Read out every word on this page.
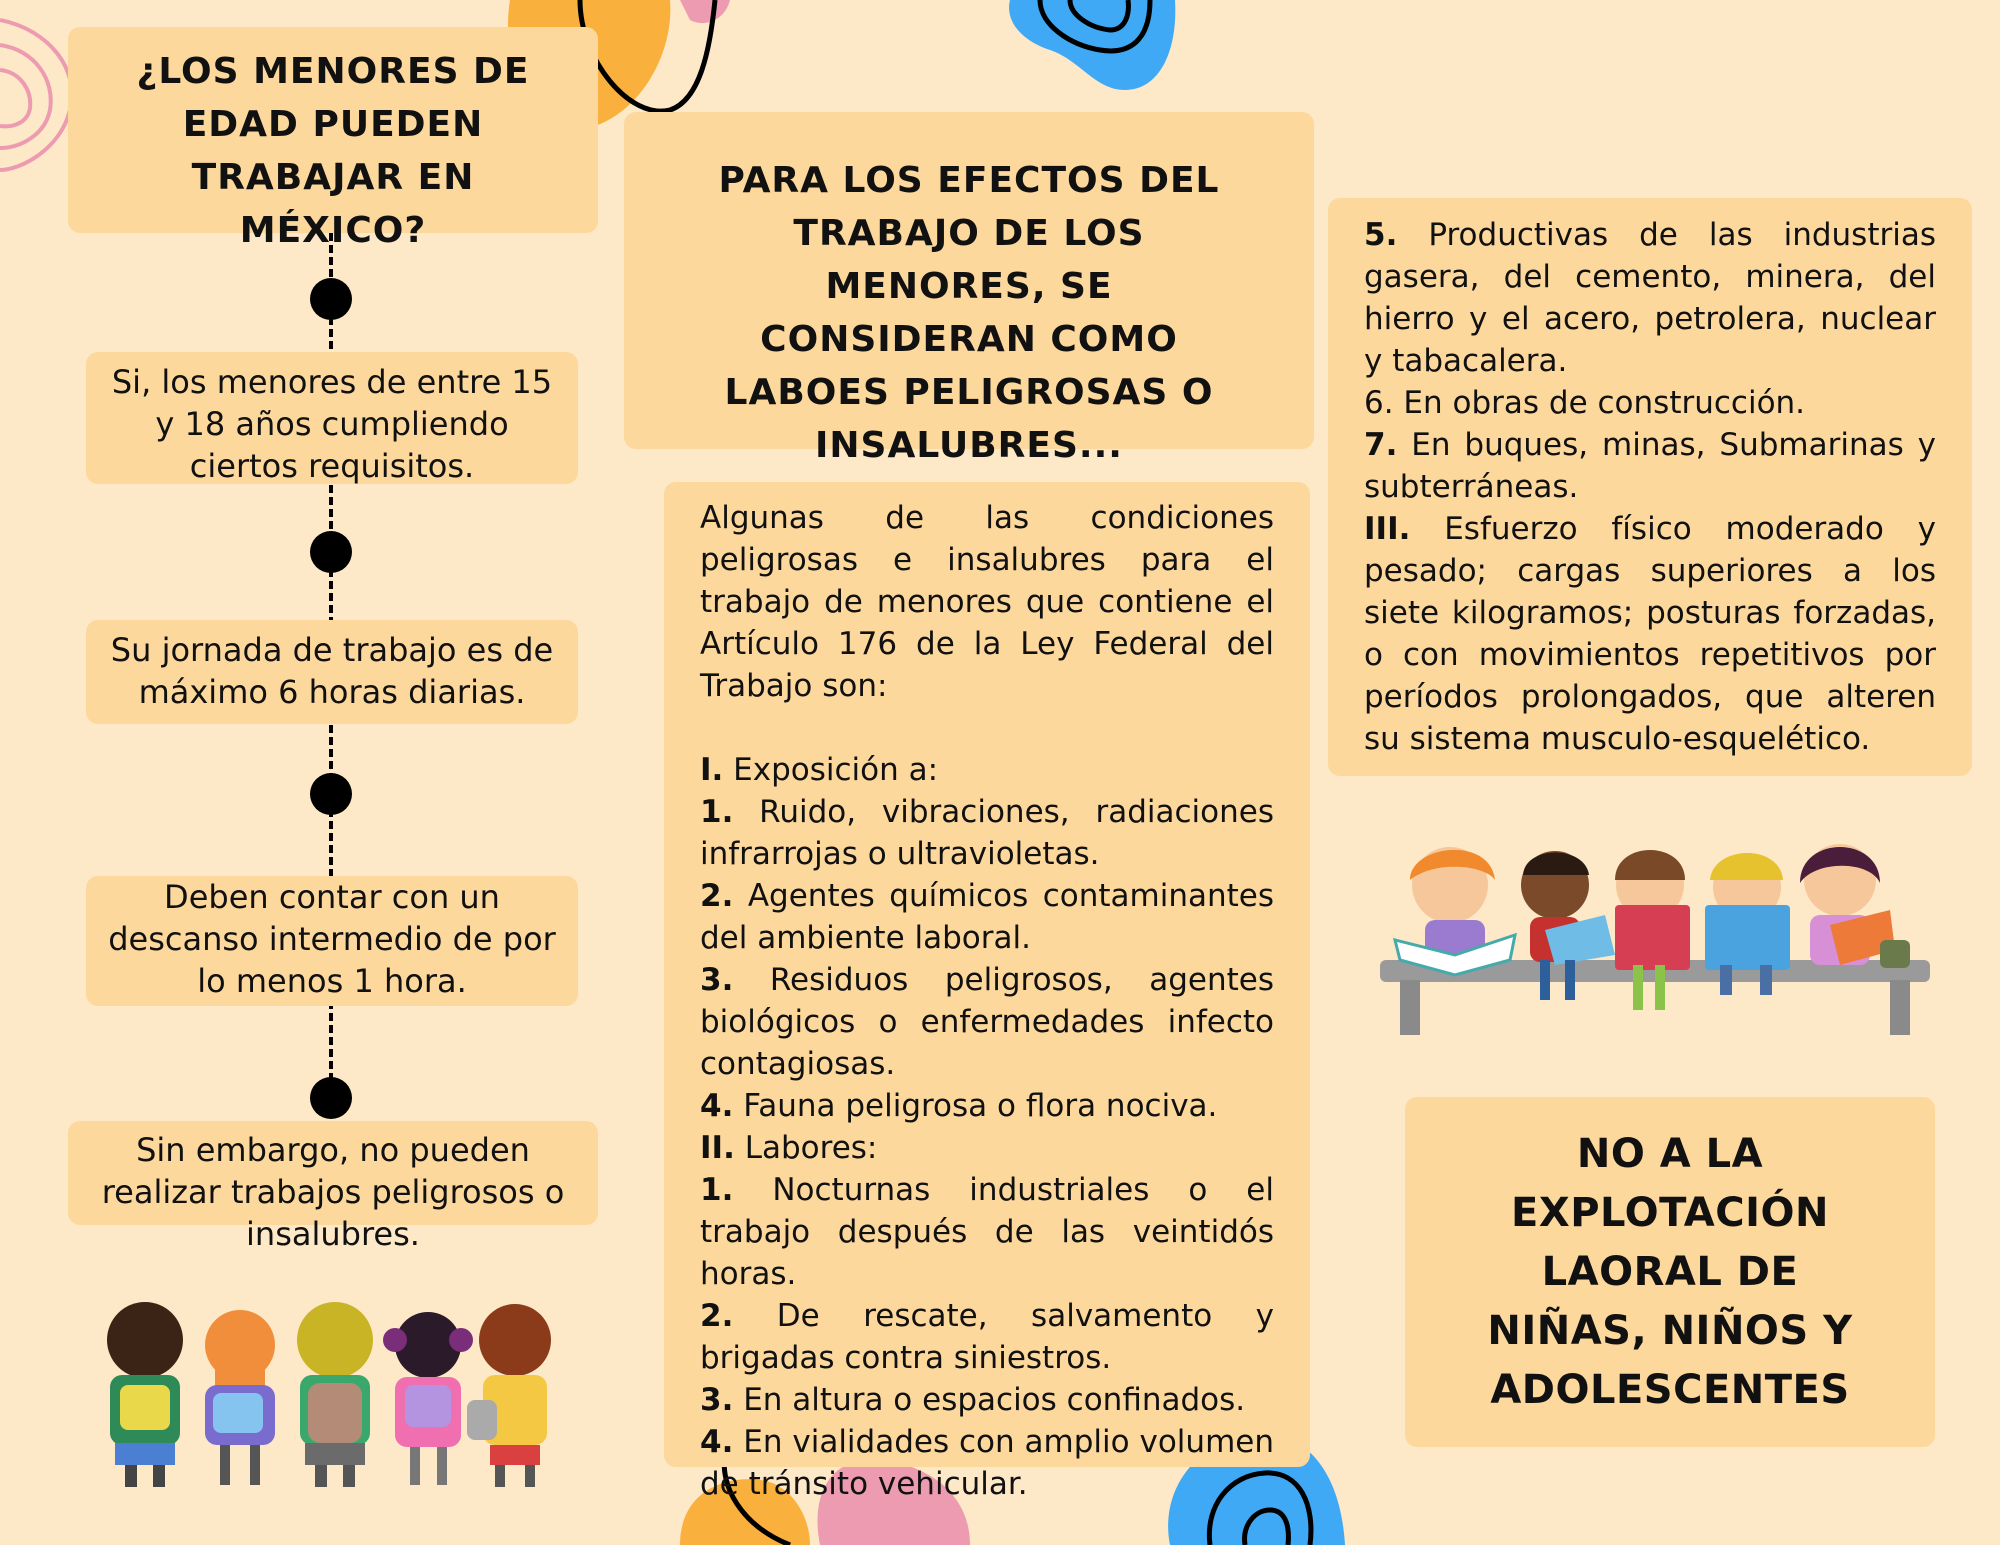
¿LOS MENORES DE EDAD PUEDEN TRABAJAR EN MÉXICO?
Si, los menores de entre 15 y 18 años cumpliendo ciertos requisitos.
Su jornada de trabajo es de máximo 6 horas diarias.
Deben contar con un descanso intermedio de por lo menos 1 hora.
Sin embargo, no pueden realizar trabajos peligrosos o insalubres.
PARA LOS EFECTOS DEL TRABAJO DE LOS MENORES, SE CONSIDERAN COMO LABOES PELIGROSAS O INSALUBRES...
Algunas de las condiciones peligrosas e insalubres para el trabajo de menores que contiene el Artículo 176 de la Ley Federal del Trabajo son:
I. Exposición a:
1. Ruido, vibraciones, radiaciones infrarrojas o ultravioletas.
2. Agentes químicos contaminantes del ambiente laboral.
3. Residuos peligrosos, agentes biológicos o enfermedades infecto contagiosas.
4. Fauna peligrosa o flora nociva.
II. Labores:
1. Nocturnas industriales o el trabajo después de las veintidós horas.
2. De rescate, salvamento y brigadas contra siniestros.
3. En altura o espacios confinados.
4. En vialidades con amplio volumen de tránsito vehicular.
5. Productivas de las industrias gasera, del cemento, minera, del hierro y el acero, petrolera, nuclear y tabacalera.
6. En obras de construcción.
7. En buques, minas, Submarinas y subterráneas.
III. Esfuerzo físico moderado y pesado; cargas superiores a los siete kilogramos; posturas forzadas, o con movimientos repetitivos por períodos prolongados, que alteren su sistema musculo-esquelético.
NO A LA EXPLOTACIÓN LAORAL DE NIÑAS, NIÑOS Y ADOLESCENTES
